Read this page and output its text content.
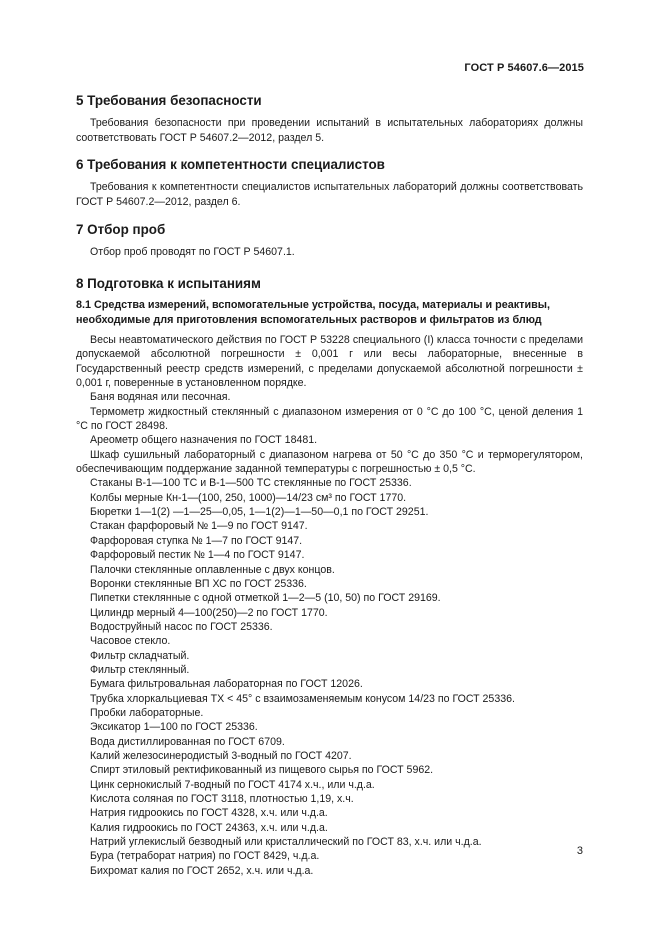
ГОСТ Р 54607.6—2015
5 Требования безопасности

Требования безопасности при проведении испытаний в испытательных лабораториях должны соответствовать ГОСТ Р 54607.2—2012, раздел 5.

6 Требования к компетентности специалистов

Требования к компетентности специалистов испытательных лабораторий должны соответствовать ГОСТ Р 54607.2—2012, раздел 6.

7 Отбор проб

Отбор проб проводят по ГОСТ Р 54607.1.

8 Подготовка к испытаниям
8.1 Средства измерений, вспомогательные устройства, посуда, материалы и реактивы, необходимые для приготовления вспомогательных растворов и фильтратов из блюд
Весы неавтоматического действия по ГОСТ Р 53228 специального (I) класса точности с пределами допускаемой абсолютной погрешности ± 0,001 г или весы лабораторные, внесенные в Государственный реестр средств измерений, с пределами допускаемой абсолютной погрешности ± 0,001 г, поверенные в установленном порядке.
Баня водяная или песочная.
Термометр жидкостный стеклянный с диапазоном измерения от 0 °С до 100 °С, ценой деления 1 °С по ГОСТ 28498.
Ареометр общего назначения по ГОСТ 18481.
Шкаф сушильный лабораторный с диапазоном нагрева от 50 °С до 350 °С и терморегулятором, обеспечивающим поддержание заданной температуры с погрешностью ± 0,5 °С.
Стаканы В-1—100 ТС и В-1—500 ТС стеклянные по ГОСТ 25336.
Колбы мерные Кн-1—(100, 250, 1000)—14/23 см³ по ГОСТ 1770.
Бюретки 1—1(2) —1—25—0,05, 1—1(2)—1—50—0,1 по ГОСТ 29251.
Стакан фарфоровый № 1—9 по ГОСТ 9147.
Фарфоровая ступка № 1—7 по ГОСТ 9147.
Фарфоровый пестик № 1—4 по ГОСТ 9147.
Палочки стеклянные оплавленные с двух концов.
Воронки стеклянные ВП ХС по ГОСТ 25336.
Пипетки стеклянные с одной отметкой 1—2—5 (10, 50) по ГОСТ 29169.
Цилиндр мерный 4—100(250)—2 по ГОСТ 1770.
Водоструйный насос по ГОСТ 25336.
Часовое стекло.
Фильтр складчатый.
Фильтр стеклянный.
Бумага фильтровальная лабораторная по ГОСТ 12026.
Трубка хлоркальциевая ТХ < 45° с взаимозаменяемым конусом 14/23 по ГОСТ 25336.
Пробки лабораторные.
Эксикатор 1—100 по ГОСТ 25336.
Вода дистиллированная по ГОСТ 6709.
Калий железосинеродистый 3-водный по ГОСТ 4207.
Спирт этиловый ректификованный из пищевого сырья по ГОСТ 5962.
Цинк сернокислый 7-водный по ГОСТ 4174 х.ч., или ч.д.а.
Кислота соляная по ГОСТ 3118, плотностью 1,19, х.ч.
Натрия гидроокись по ГОСТ 4328, х.ч. или ч.д.а.
Калия гидроокись по ГОСТ 24363, х.ч. или ч.д.а.
Натрий углекислый безводный или кристаллический по ГОСТ 83, х.ч. или ч.д.а.
Бура (тетраборат натрия) по ГОСТ 8429, ч.д.а.
Бихромат калия по ГОСТ 2652, х.ч. или ч.д.а.
3
